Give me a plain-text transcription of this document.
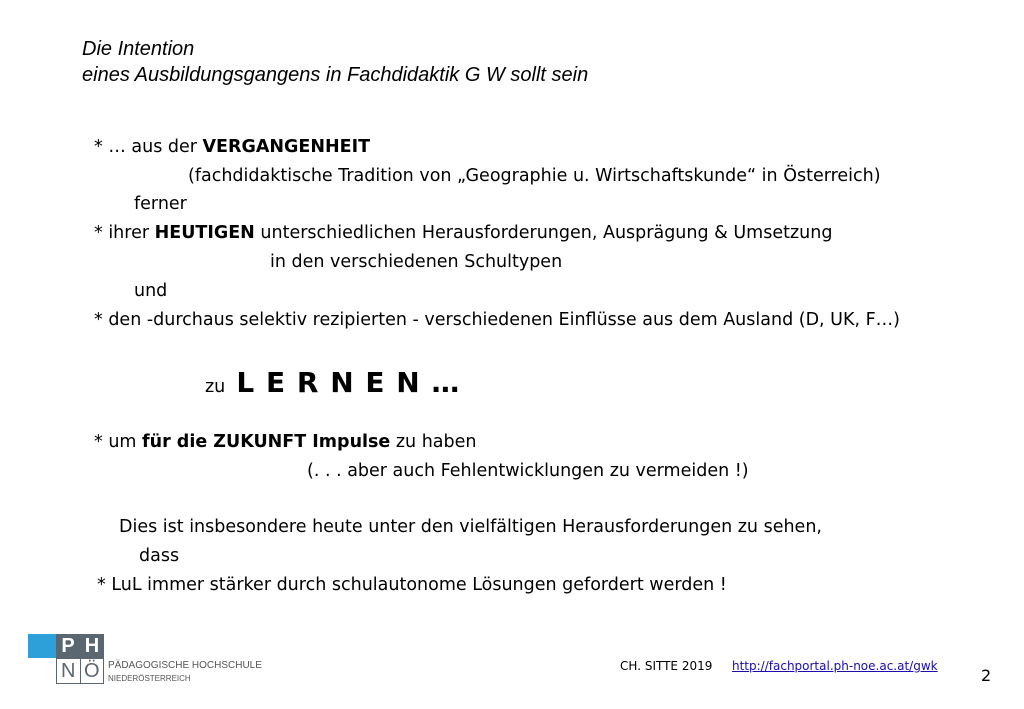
Die Intention
eines Ausbildungsgangens in Fachdidaktik G W sollt sein
* … aus der VERGANGENHEIT
(fachdidaktische Tradition von „Geographie u. Wirtschaftskunde“ in Österreich)
ferner
* ihrer HEUTIGEN unterschiedlichen Herausforderungen, Ausprägung & Umsetzung
in den verschiedenen Schultypen
und
* den -durchaus selektiv rezipierten - verschiedenen Einflüsse aus dem Ausland (D, UK, F…)
zu L E R N E N …
* um für die ZUKUNFT Impulse zu haben
(. . . aber auch Fehlentwicklungen zu vermeiden !)
Dies ist insbesondere heute unter den vielfältigen Herausforderungen zu sehen,
dass
* LuL immer stärker durch schulautonome Lösungen gefordert werden !
P H
N Ö PÄDAGOGISCHE HOCHSCHULE
NIEDERÖSTERREICH
CH. SITTE 2019 http://fachportal.ph-noe.ac.at/gwk	2
